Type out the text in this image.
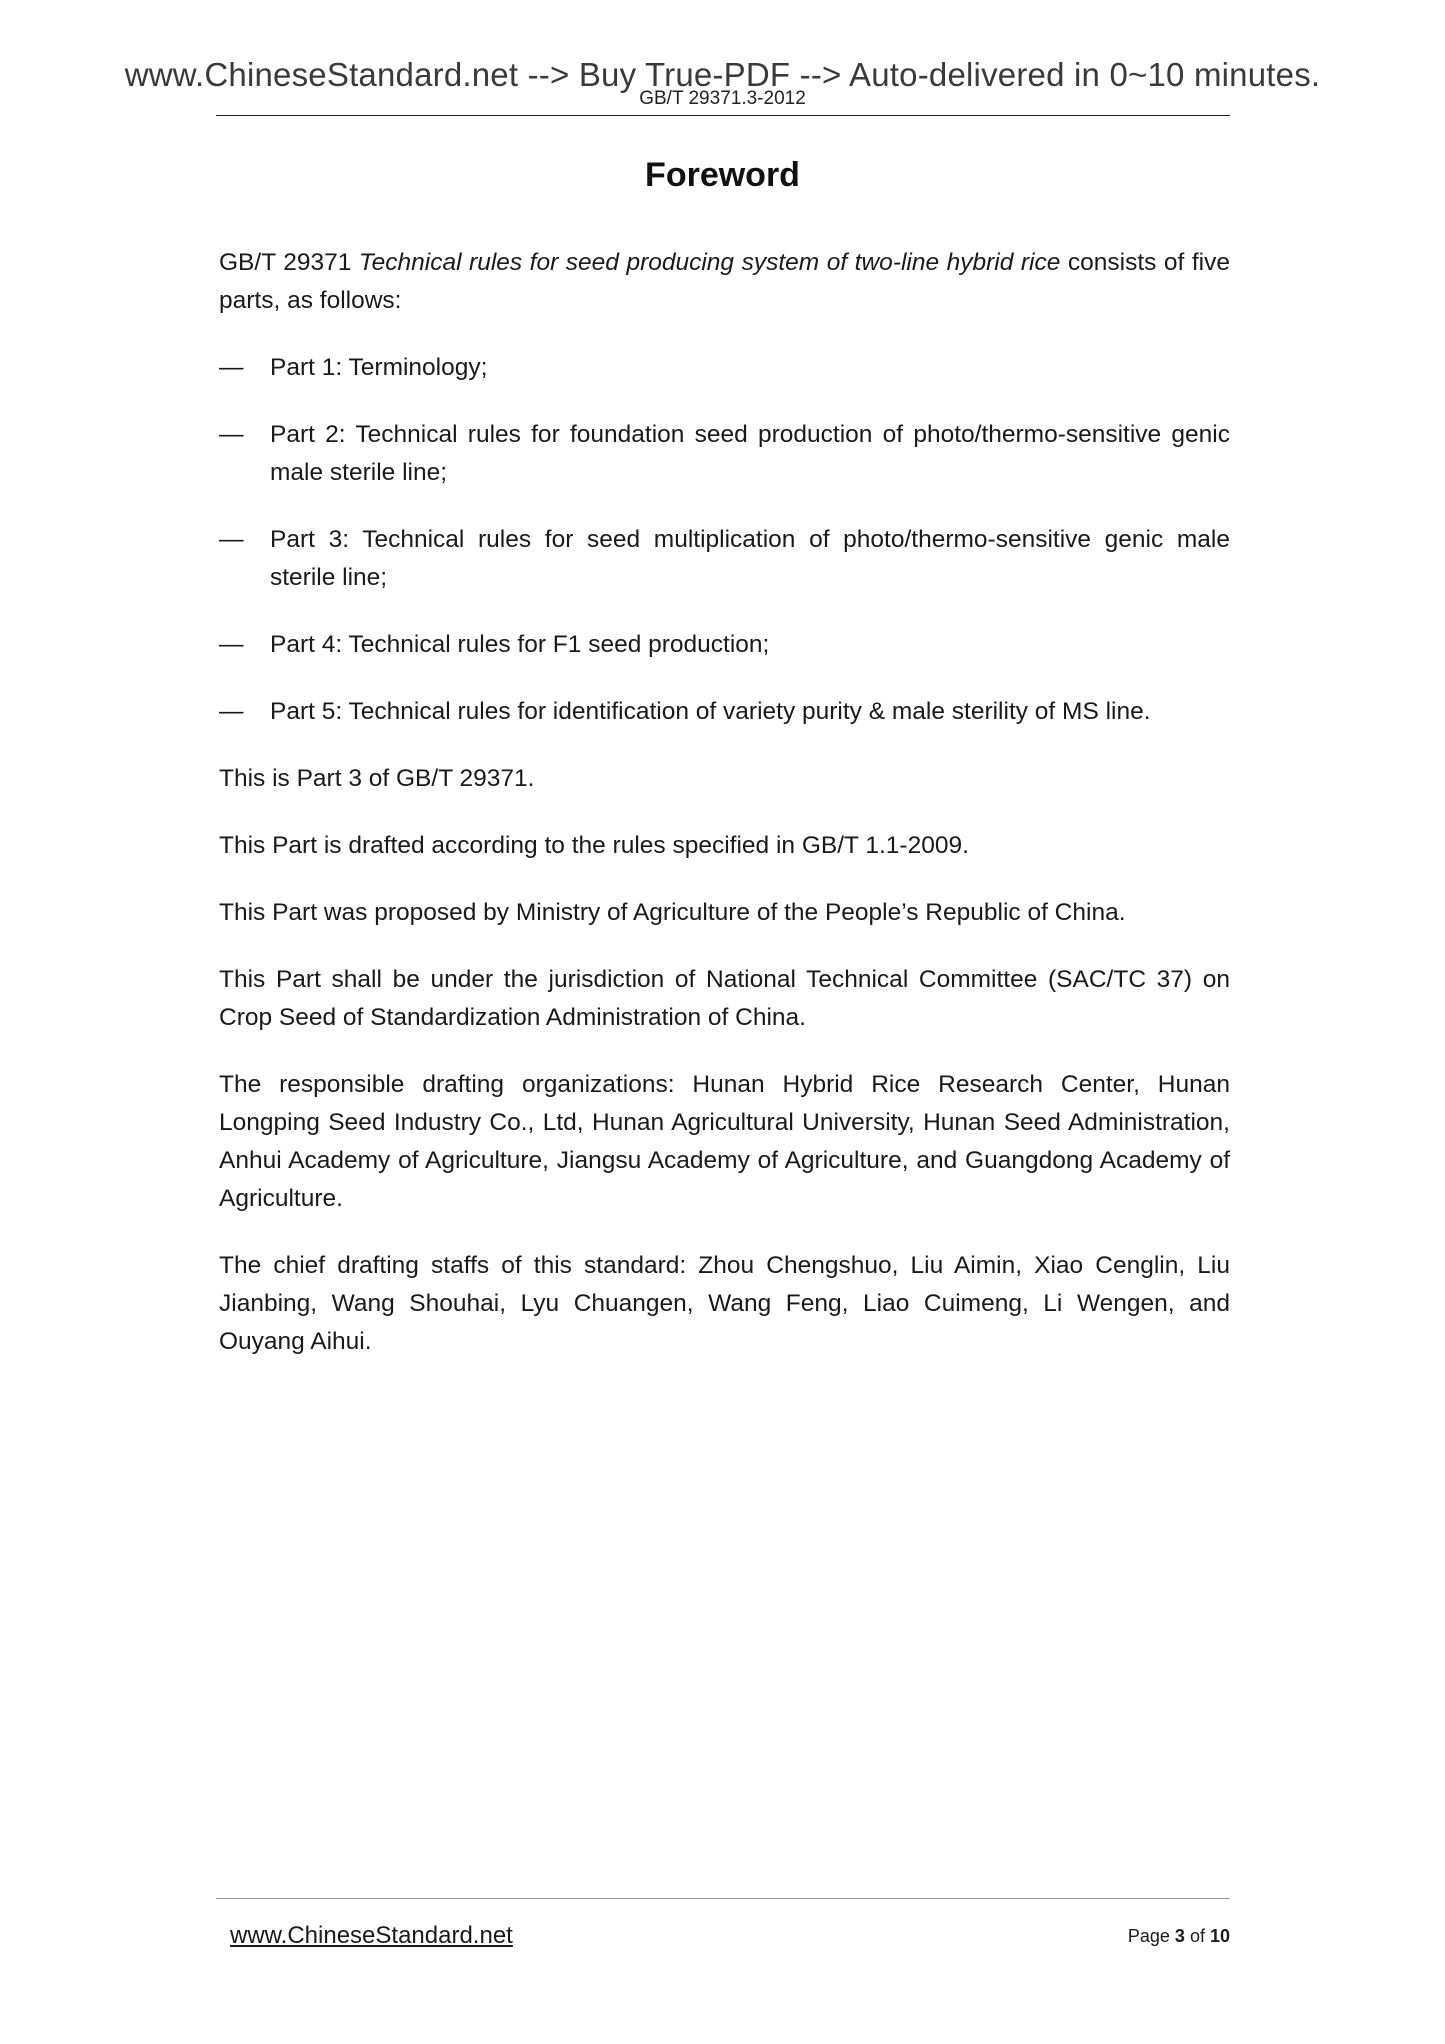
www.ChineseStandard.net --> Buy True-PDF --> Auto-delivered in 0~10 minutes.
GB/T 29371.3-2012
Foreword

GB/T 29371 Technical rules for seed producing system of two-line hybrid rice consists of five parts, as follows:

— Part 1: Terminology;
— Part 2: Technical rules for foundation seed production of photo/thermo-sensitive genic male sterile line;
— Part 3: Technical rules for seed multiplication of photo/thermo-sensitive genic male sterile line;
— Part 4: Technical rules for F1 seed production;
— Part 5: Technical rules for identification of variety purity & male sterility of MS line.

This is Part 3 of GB/T 29371.

This Part is drafted according to the rules specified in GB/T 1.1-2009.

This Part was proposed by Ministry of Agriculture of the People’s Republic of China.

This Part shall be under the jurisdiction of National Technical Committee (SAC/TC 37) on Crop Seed of Standardization Administration of China.

The responsible drafting organizations: Hunan Hybrid Rice Research Center, Hunan Longping Seed Industry Co., Ltd, Hunan Agricultural University, Hunan Seed Administration, Anhui Academy of Agriculture, Jiangsu Academy of Agriculture, and Guangdong Academy of Agriculture.

The chief drafting staffs of this standard: Zhou Chengshuo, Liu Aimin, Xiao Cenglin, Liu Jianbing, Wang Shouhai, Lyu Chuangen, Wang Feng, Liao Cuimeng, Li Wengen, and Ouyang Aihui.

www.ChineseStandard.net	Page 3 of 10
